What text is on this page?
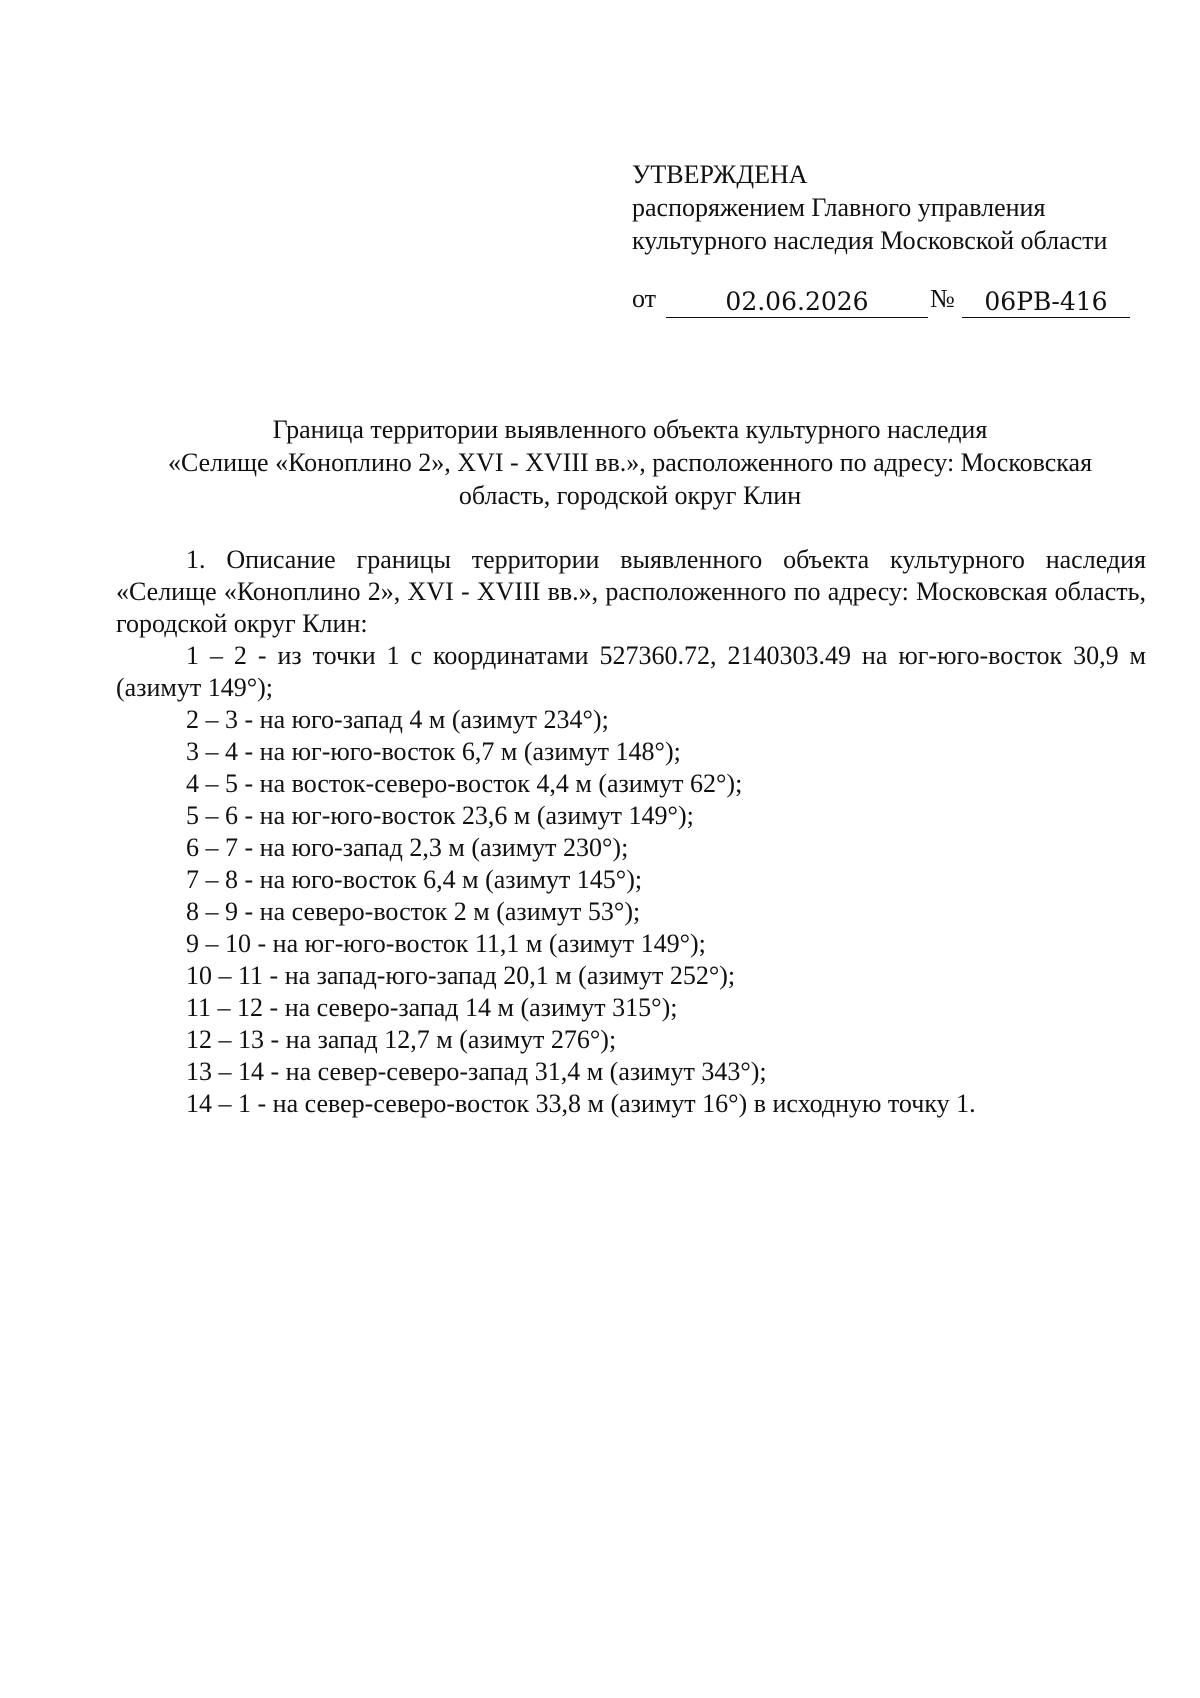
УТВЕРЖДЕНА
распоряжением Главного управления
культурного наследия Московской области
от	02.06.2026	№	06РВ-416
Граница территории выявленного объекта культурного наследия
«Селище «Коноплино 2», XVI - XVIII вв.», расположенного по адресу: Московская
область, городской округ Клин

1. Описание границы территории выявленного объекта культурного наследия «Селище «Коноплино 2», XVI - XVIII вв.», расположенного по адресу: Московская область, городской округ Клин:

1 – 2 - из точки 1 с координатами 527360.72, 2140303.49 на юг-юго-восток 30,9 м (азимут 149°);
2 – 3 - на юго-запад 4 м (азимут 234°);
3 – 4 - на юг-юго-восток 6,7 м (азимут 148°);
4 – 5 - на восток-северо-восток 4,4 м (азимут 62°);
5 – 6 - на юг-юго-восток 23,6 м (азимут 149°);
6 – 7 - на юго-запад 2,3 м (азимут 230°);
7 – 8 - на юго-восток 6,4 м (азимут 145°);
8 – 9 - на северо-восток 2 м (азимут 53°);
9 – 10 - на юг-юго-восток 11,1 м (азимут 149°);
10 – 11 - на запад-юго-запад 20,1 м (азимут 252°);
11 – 12 - на северо-запад 14 м (азимут 315°);
12 – 13 - на запад 12,7 м (азимут 276°);
13 – 14 - на север-северо-запад 31,4 м (азимут 343°);
14 – 1 - на север-северо-восток 33,8 м (азимут 16°) в исходную точку 1.
